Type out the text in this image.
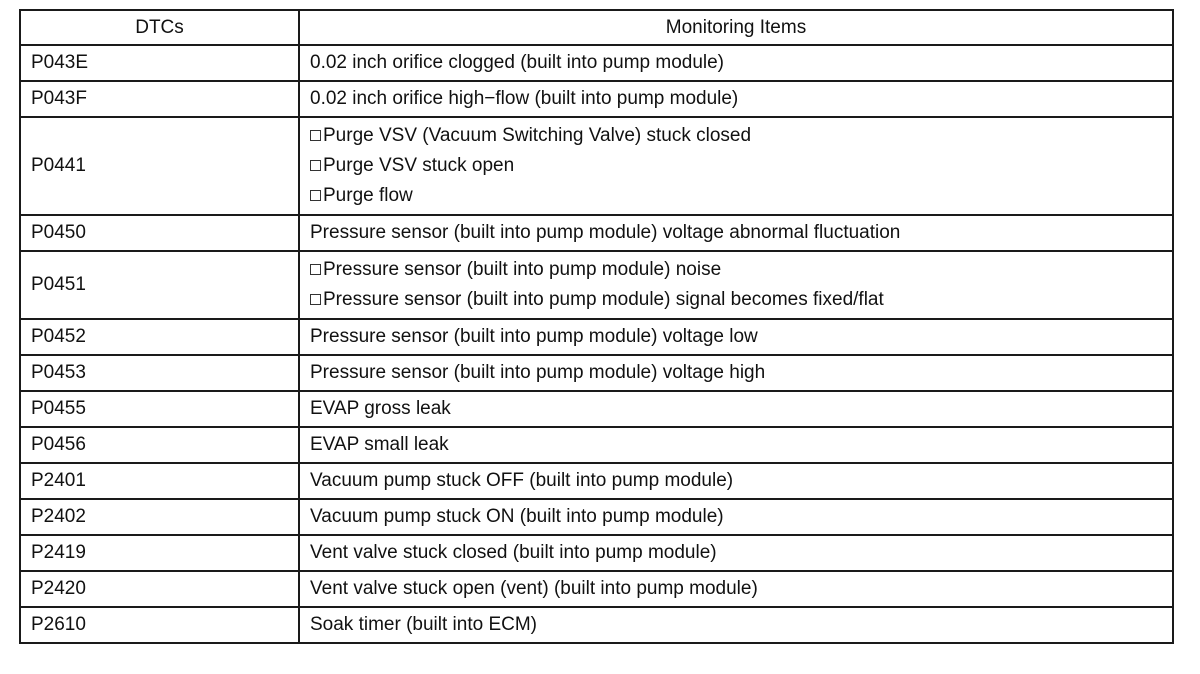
DTCs	Monitoring Items
P043E	0.02 inch orifice clogged (built into pump module)

P043F	0.02 inch orifice high−flow (built into pump module)

P0441	Purge VSV (Vacuum Switching Valve) stuck closed
Purge VSV stuck open
Purge flow

P0450	Pressure sensor (built into pump module) voltage abnormal fluctuation

P0451	Pressure sensor (built into pump module) noise
Pressure sensor (built into pump module) signal becomes fixed/flat

P0452	Pressure sensor (built into pump module) voltage low

P0453	Pressure sensor (built into pump module) voltage high

P0455	EVAP gross leak

P0456	EVAP small leak

P2401	Vacuum pump stuck OFF (built into pump module)

P2402	Vacuum pump stuck ON (built into pump module)

P2419	Vent valve stuck closed (built into pump module)

P2420	Vent valve stuck open (vent) (built into pump module)

P2610	Soak timer (built into ECM)
